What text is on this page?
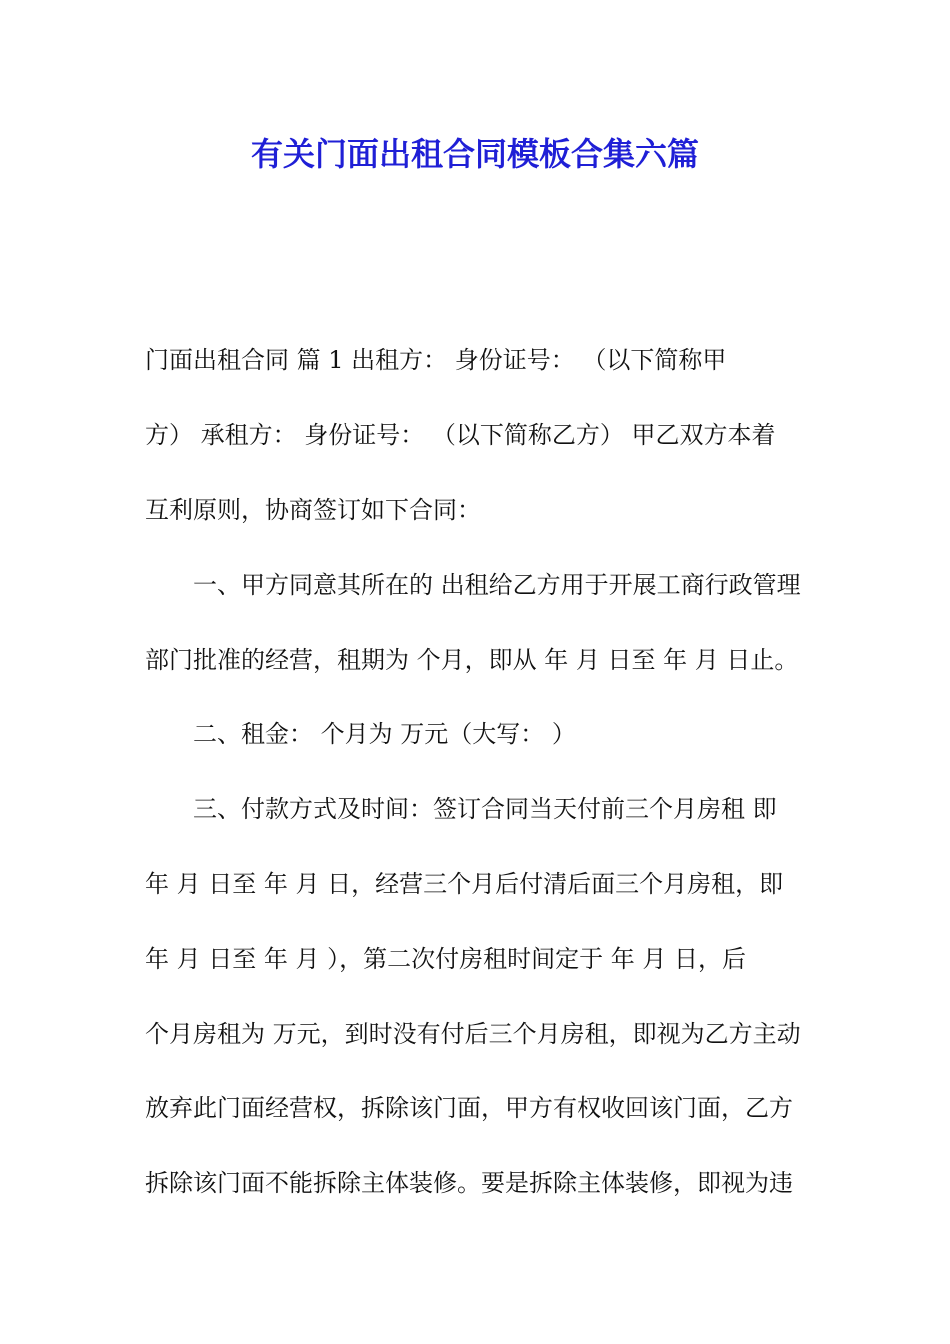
有关门面出租合同模板合集六篇
门面出租合同 篇 1 出租方： 身份证号： （以下简称甲
方） 承租方： 身份证号： （以下简称乙方） 甲乙双方本着
互利原则，协商签订如下合同：
一、甲方同意其所在的 出租给乙方用于开展工商行政管理
部门批准的经营，租期为 个月，即从 年 月 日至 年 月 日止。
二、租金： 个月为 万元（大写： ）
三、付款方式及时间：签订合同当天付前三个月房租 即
年 月 日至 年 月 日，经营三个月后付清后面三个月房租，即
年 月 日至 年 月 ），第二次付房租时间定于 年 月 日，后
个月房租为 万元，到时没有付后三个月房租，即视为乙方主动
放弃此门面经营权，拆除该门面，甲方有权收回该门面，乙方
拆除该门面不能拆除主体装修。要是拆除主体装修，即视为违
